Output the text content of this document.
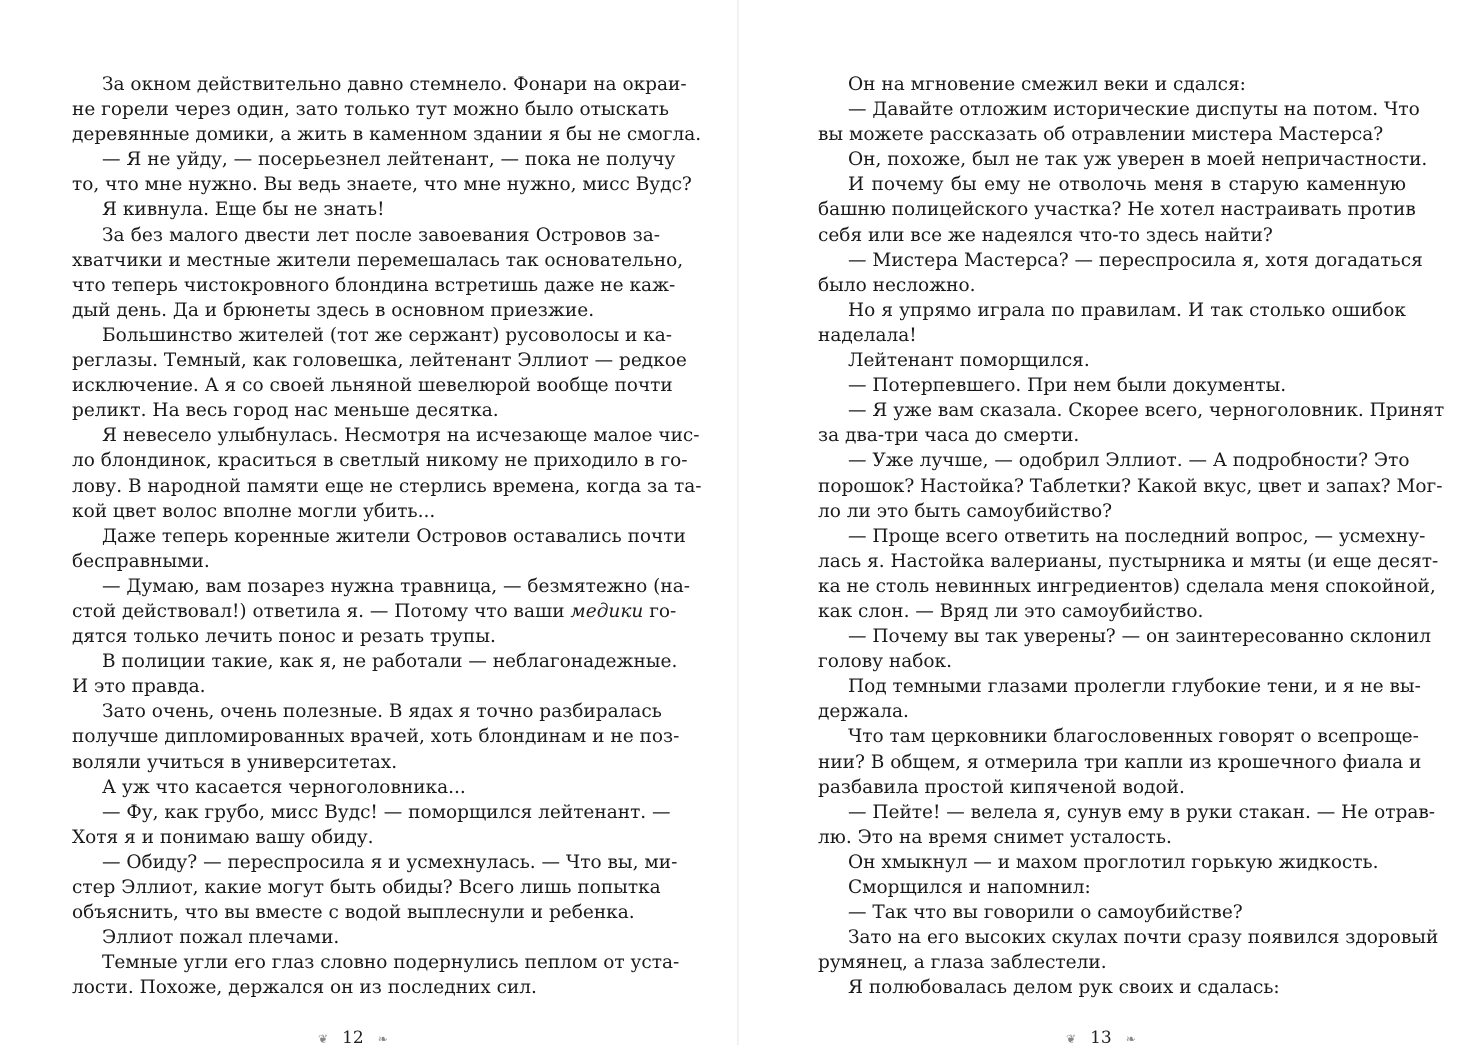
За окном действительно давно стемнело. Фонари на окраи-
не горели через один, зато только тут можно было отыскать
деревянные домики, а жить в каменном здании я бы не смогла.
— Я не уйду, — посерьезнел лейтенант, — пока не получу
то, что мне нужно. Вы ведь знаете, что мне нужно, мисс Вудс?
Я кивнула. Еще бы не знать!
За без малого двести лет после завоевания Островов за-
хватчики и местные жители перемешалась так основательно,
что теперь чистокровного блондина встретишь даже не каж-
дый день. Да и брюнеты здесь в основном приезжие.
Большинство жителей (тот же сержант) русоволосы и ка-
реглазы. Темный, как головешка, лейтенант Эллиот — редкое
исключение. А я со своей льняной шевелюрой вообще почти
реликт. На весь город нас меньше десятка.
Я невесело улыбнулась. Несмотря на исчезающе малое чис-
ло блондинок, краситься в светлый никому не приходило в го-
лову. В народной памяти еще не стерлись времена, когда за та-
кой цвет волос вполне могли убить...
Даже теперь коренные жители Островов оставались почти
бесправными.
— Думаю, вам позарез нужна травница, — безмятежно (на-
стой действовал!) ответила я. — Потому что ваши медики го-
дятся только лечить понос и резать трупы.
В полиции такие, как я, не работали — неблагонадежные.
И это правда.
Зато очень, очень полезные. В ядах я точно разбиралась
получше дипломированных врачей, хоть блондинам и не поз-
воляли учиться в университетах.
А уж что касается черноголовника...
— Фу, как грубо, мисс Вудс! — поморщился лейтенант. —
Хотя я и понимаю вашу обиду.
— Обиду? — переспросила я и усмехнулась. — Что вы, ми-
стер Эллиот, какие могут быть обиды? Всего лишь попытка
объяснить, что вы вместе с водой выплеснули и ребенка.
Эллиот пожал плечами.
Темные угли его глаз словно подернулись пеплом от уста-
лости. Похоже, держался он из последних сил.
Он на мгновение смежил веки и сдался:
— Давайте отложим исторические диспуты на потом. Что
вы можете рассказать об отравлении мистера Мастерса?
Он, похоже, был не так уж уверен в моей непричастности.
И почему бы ему не отволочь меня в старую каменную
башню полицейского участка? Не хотел настраивать против
себя или все же надеялся что-то здесь найти?
— Мистера Мастерса? — переспросила я, хотя догадаться
было несложно.
Но я упрямо играла по правилам. И так столько ошибок
наделала!
Лейтенант поморщился.
— Потерпевшего. При нем были документы.
— Я уже вам сказала. Скорее всего, черноголовник. Принят
за два-три часа до смерти.
— Уже лучше, — одобрил Эллиот. — А подробности? Это
порошок? Настойка? Таблетки? Какой вкус, цвет и запах? Мог-
ло ли это быть самоубийство?
— Проще всего ответить на последний вопрос, — усмехну-
лась я. Настойка валерианы, пустырника и мяты (и еще десят-
ка не столь невинных ингредиентов) сделала меня спокойной,
как слон. — Вряд ли это самоубийство.
— Почему вы так уверены? — он заинтересованно склонил
голову набок.
Под темными глазами пролегли глубокие тени, и я не вы-
держала.
Что там церковники благословенных говорят о всепроще-
нии? В общем, я отмерила три капли из крошечного фиала и
разбавила простой кипяченой водой.
— Пейте! — велела я, сунув ему в руки стакан. — Не отрав-
лю. Это на время снимет усталость.
Он хмыкнул — и махом проглотил горькую жидкость.
Сморщился и напомнил:
— Так что вы говорили о самоубийстве?
Зато на его высоких скулах почти сразу появился здоровый
румянец, а глаза заблестели.
Я полюбовалась делом рук своих и сдалась:
❦ 12 ❧	❦ 13 ❧
